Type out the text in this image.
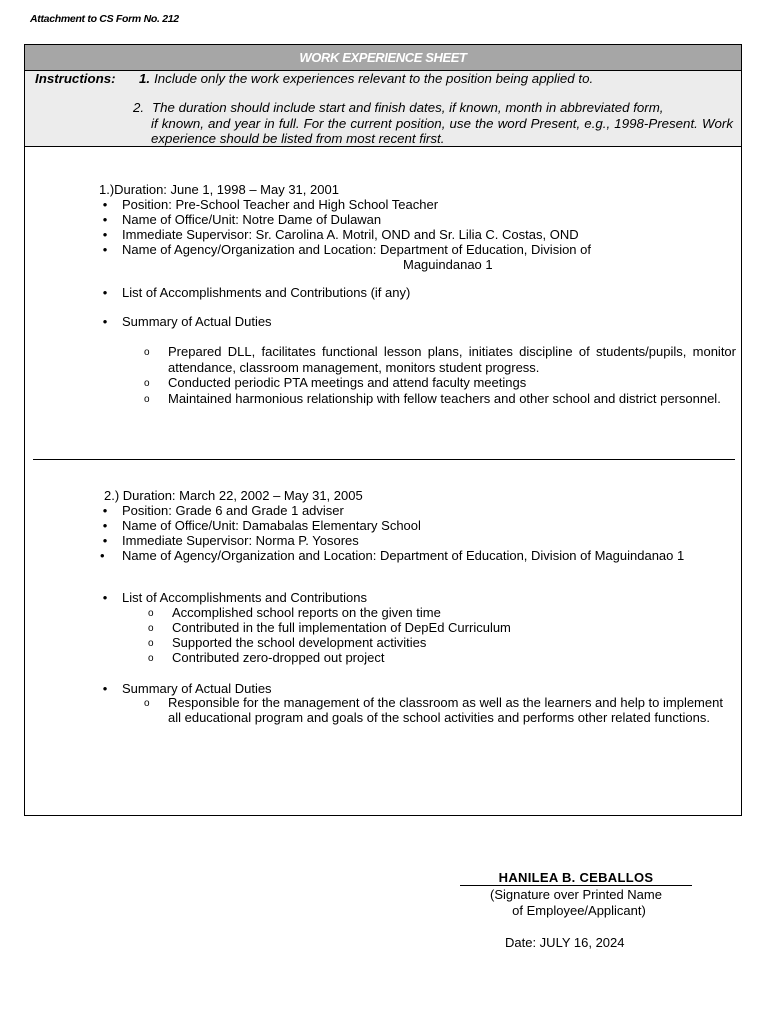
Attachment to CS Form No. 212
WORK EXPERIENCE SHEET
Instructions: 1. Include only the work experiences relevant to the position being applied to.
2. The duration should include start and finish dates, if known, month in abbreviated form,
if known, and year in full. For the current position, use the word Present, e.g., 1998-Present. Work experience should be listed from most recent first.
1.)Duration: June 1, 1998 – May 31, 2001
• Position: Pre-School Teacher and High School Teacher
• Name of Office/Unit: Notre Dame of Dulawan
• Immediate Supervisor: Sr. Carolina A. Motril, OND and Sr. Lilia C. Costas, OND
• Name of Agency/Organization and Location: Department of Education, Division of
Maguindanao 1
• List of Accomplishments and Contributions (if any)
• Summary of Actual Duties
o Prepared DLL, facilitates functional lesson plans, initiates discipline of students/pupils, monitor attendance, classroom management, monitors student progress.
o Conducted periodic PTA meetings and attend faculty meetings
o Maintained harmonious relationship with fellow teachers and other school and district personnel.
2.) Duration: March 22, 2002 – May 31, 2005
• Position: Grade 6 and Grade 1 adviser
• Name of Office/Unit: Damabalas Elementary School
• Immediate Supervisor: Norma P. Yosores
•	Name of Agency/Organization and Location: Department of Education, Division of Maguindanao 1
• List of Accomplishments and Contributions
o Accomplished school reports on the given time
o Contributed in the full implementation of DepEd Curriculum
o Supported the school development activities
o Contributed zero-dropped out project
• Summary of Actual Duties
o Responsible for the management of the classroom as well as the learners and help to implement all educational program and goals of the school activities and performs other related functions.
HANILEA B. CEBALLOS
(Signature over Printed Name
of Employee/Applicant)
Date: JULY 16, 2024
